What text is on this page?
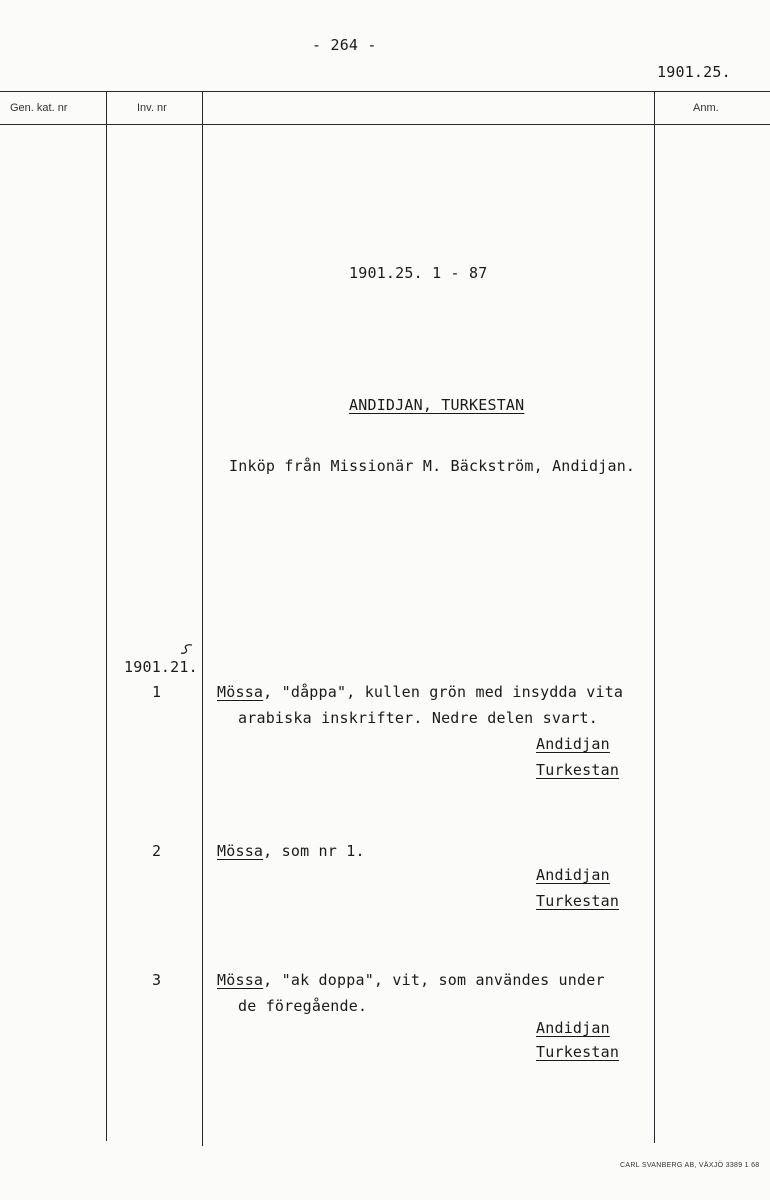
- 264 -
1901.25.
Gen. kat. nr	Inv. nr	Anm.
1901.25. 1 - 87
ANDIDJAN, TURKESTAN
Inköp från Missionär M. Bäckström, Andidjan.
1901.21.
1	Mössa, "dåppa", kullen grön med insydda vita
arabiska inskrifter. Nedre delen svart.
Andidjan
Turkestan
2	Mössa, som nr 1.
Andidjan
Turkestan
3	Mössa, "ak doppa", vit, som användes under
de föregående.
Andidjan
Turkestan
CARL SVANBERG AB, VÄXJÖ 3389 1 68
